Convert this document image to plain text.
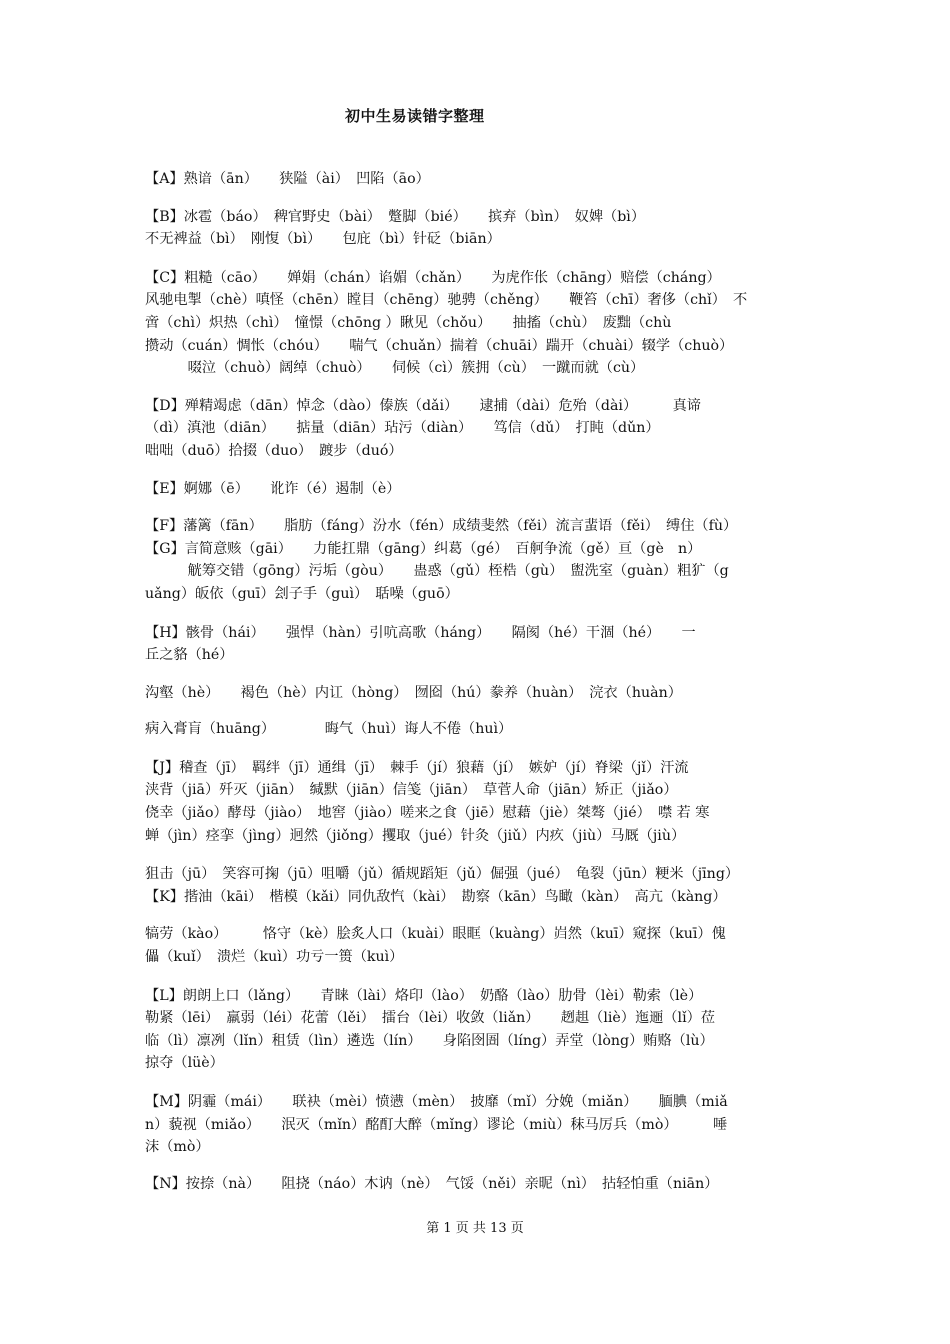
初中生易读错字整理
【A】熟谙（ān）　　狭隘（ài）　凹陷（āo）
【B】冰雹（báo）　稗官野史（bài）　蹩脚（bié）　　摈弃（bìn）　奴婢（bì）
不无裨益（bì）　刚愎（bì）　　包庇（bì）针砭（biān）
【C】粗糙（cāo）　　婵娟（chán）谄媚（chǎn）　　为虎作伥（chāng）赔偿（cháng）
风驰电掣（chè）嗔怪（chēn）瞠目（chēng）驰骋（chěng）　　鞭笞（chī）奢侈（chǐ）　不
啻（chì）炽热（chì）　憧憬（chōng ）瞅见（chǒu）　　抽搐（chù）　废黜（chù
攒动（cuán）惆怅（chóu）　　喘气（chuǎn）揣着（chuāi）踹开（chuài）辍学（chuò）
　　　啜泣（chuò）阔绰（chuò）　　伺候（cì）簇拥（cù）　一蹴而就（cù）
【D】殚精竭虑（dān）悼念（dào）傣族（dǎi）　　逮捕（dài）危殆（dài）　　　真谛
（dì）滇池（diān）　　掂量（diān）玷污（diàn）　　笃信（dǔ）　打盹（dǔn）
咄咄（duō）拾掇（duo）　踱步（duó）
【E】婀娜（ē）　　讹诈（é）遏制（è）
【F】藩篱（fān）　　脂肪（fáng）汾水（fén）成绩斐然（fěi）流言蜚语（fěi）　缚住（fù）
【G】言简意赅（gāi）　　力能扛鼎（gāng）纠葛（gé）　百舸争流（gě）亘（gè　n）
　　　觥筹交错（gōng）污垢（gòu）　　蛊惑（gǔ）桎梏（gù）　盥洗室（guàn）粗犷（g
uǎng）皈依（guī）刽子手（guì）　聒噪（guō）
【H】骸骨（hái）　　强悍（hàn）引吭高歌（háng）　　隔阂（hé）干涸（hé）　　一
丘之貉（hé）
沟壑（hè）　　褐色（hè）内讧（hòng）　囫囵（hú）豢养（huàn）　浣衣（huàn）
病入膏肓（huāng）　　　　晦气（huì）诲人不倦（huì）
【J】稽查（jī）　羁绊（jī）通缉（jī）　棘手（jí）狼藉（jí）　嫉妒（jí）脊梁（jǐ）汗流
浃背（jiā）歼灭（jiān）　缄默（jiān）信笺（jiān）　草菅人命（jiān）矫正（jiǎo）
侥幸（jiǎo）酵母（jiào）　地窖（jiào）嗟来之食（jiē）慰藉（jiè）桀骜（jié）　噤 若 寒
蝉（jìn）痉挛（jìng）迥然（jiǒng）攫取（jué）针灸（jiǔ）内疚（jiù）马厩（jiù）
狙击（jū）　笑容可掬（jū）咀嚼（jǔ）循规蹈矩（jǔ）倔强（jué）　龟裂（jūn）粳米（jīng）
【K】揩油（kāi）　楷模（kǎi）同仇敌忾（kài）　勘察（kān）鸟瞰（kàn）　高亢（kàng）
犒劳（kào）　　　恪守（kè）脍炙人口（kuài）眼眶（kuàng）岿然（kuī）窥探（kuī）傀
儡（kuǐ）　溃烂（kuì）功亏一篑（kuì）
【L】朗朗上口（lǎng）　　青睐（lài）烙印（lào）　奶酪（lào）肋骨（lèi）勒索（lè）
勒紧（lēi）　羸弱（léi）花蕾（lěi）　擂台（lèi）收敛（liǎn）　　趔趄（liè）迤逦（lǐ）莅
临（lì）凛冽（lǐn）租赁（lìn）遴选（lín）　　身陷囹圄（líng）弄堂（lòng）贿赂（lù）
掠夺（lüè）
【M】阴霾（mái）　　联袂（mèi）愤懑（mèn）　披靡（mǐ）分娩（miǎn）　　腼腆（miǎ
n）藐视（miǎo）　　泯灭（mǐn）酩酊大醉（mǐng）谬论（miù）秣马厉兵（mò）　　　唾
沫（mò）
【N】按捺（nà）　　阻挠（náo）木讷（nè）　气馁（něi）亲昵（nì）　拈轻怕重（niān）
第 1 页 共 13 页
